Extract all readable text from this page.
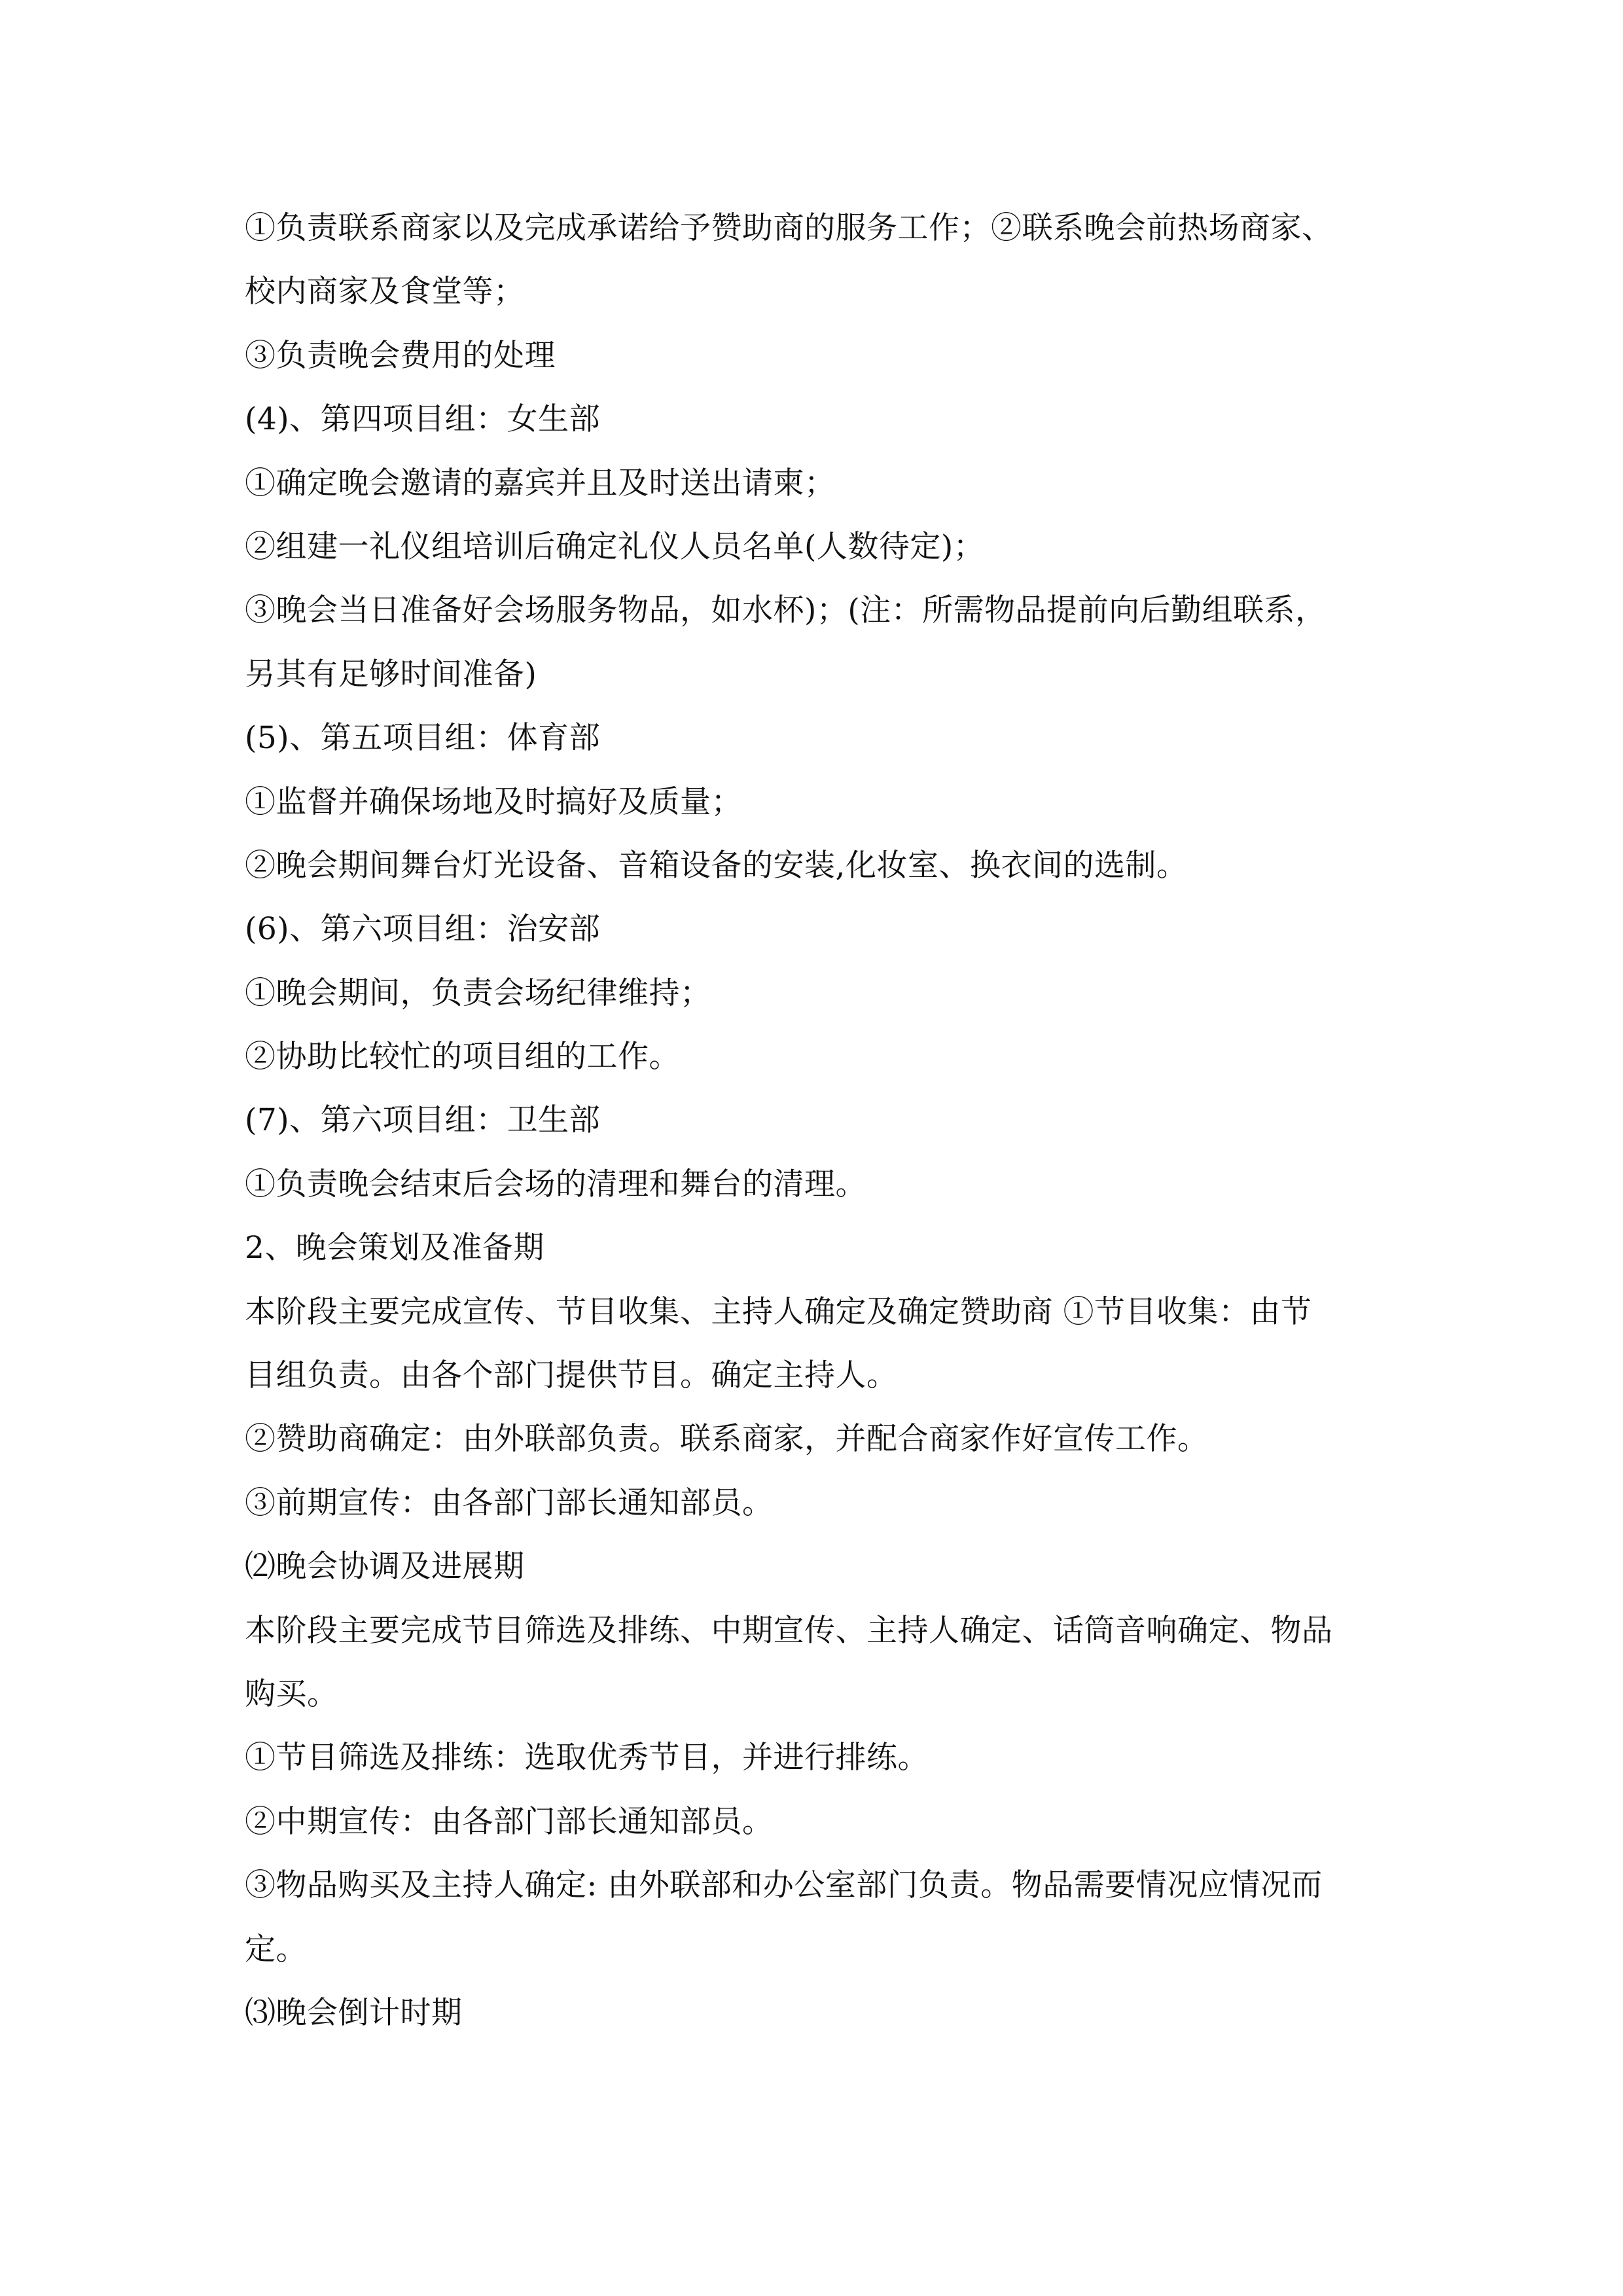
①负责联系商家以及完成承诺给予赞助商的服务工作；②联系晚会前热场商家、
校内商家及食堂等；
③负责晚会费用的处理
(4)、第四项目组：女生部
①确定晚会邀请的嘉宾并且及时送出请柬；
②组建一礼仪组培训后确定礼仪人员名单(人数待定)；
③晚会当日准备好会场服务物品，如水杯)；(注：所需物品提前向后勤组联系，
另其有足够时间准备)
(5)、第五项目组：体育部
①监督并确保场地及时搞好及质量；
②晚会期间舞台灯光设备、音箱设备的安装,化妆室、换衣间的选制。
(6)、第六项目组：治安部
①晚会期间，负责会场纪律维持；
②协助比较忙的项目组的工作。
(7)、第六项目组：卫生部
①负责晚会结束后会场的清理和舞台的清理。
2、晚会策划及准备期
本阶段主要完成宣传、节目收集、主持人确定及确定赞助商 ①节目收集：由节
目组负责。由各个部门提供节目。确定主持人。
②赞助商确定：由外联部负责。联系商家，并配合商家作好宣传工作。
③前期宣传：由各部门部长通知部员。
⑵晚会协调及进展期
本阶段主要完成节目筛选及排练、中期宣传、主持人确定、话筒音响确定、物品
购买。
①节目筛选及排练：选取优秀节目，并进行排练。
②中期宣传：由各部门部长通知部员。
③物品购买及主持人确定: 由外联部和办公室部门负责。物品需要情况应情况而
定。
⑶晚会倒计时期
